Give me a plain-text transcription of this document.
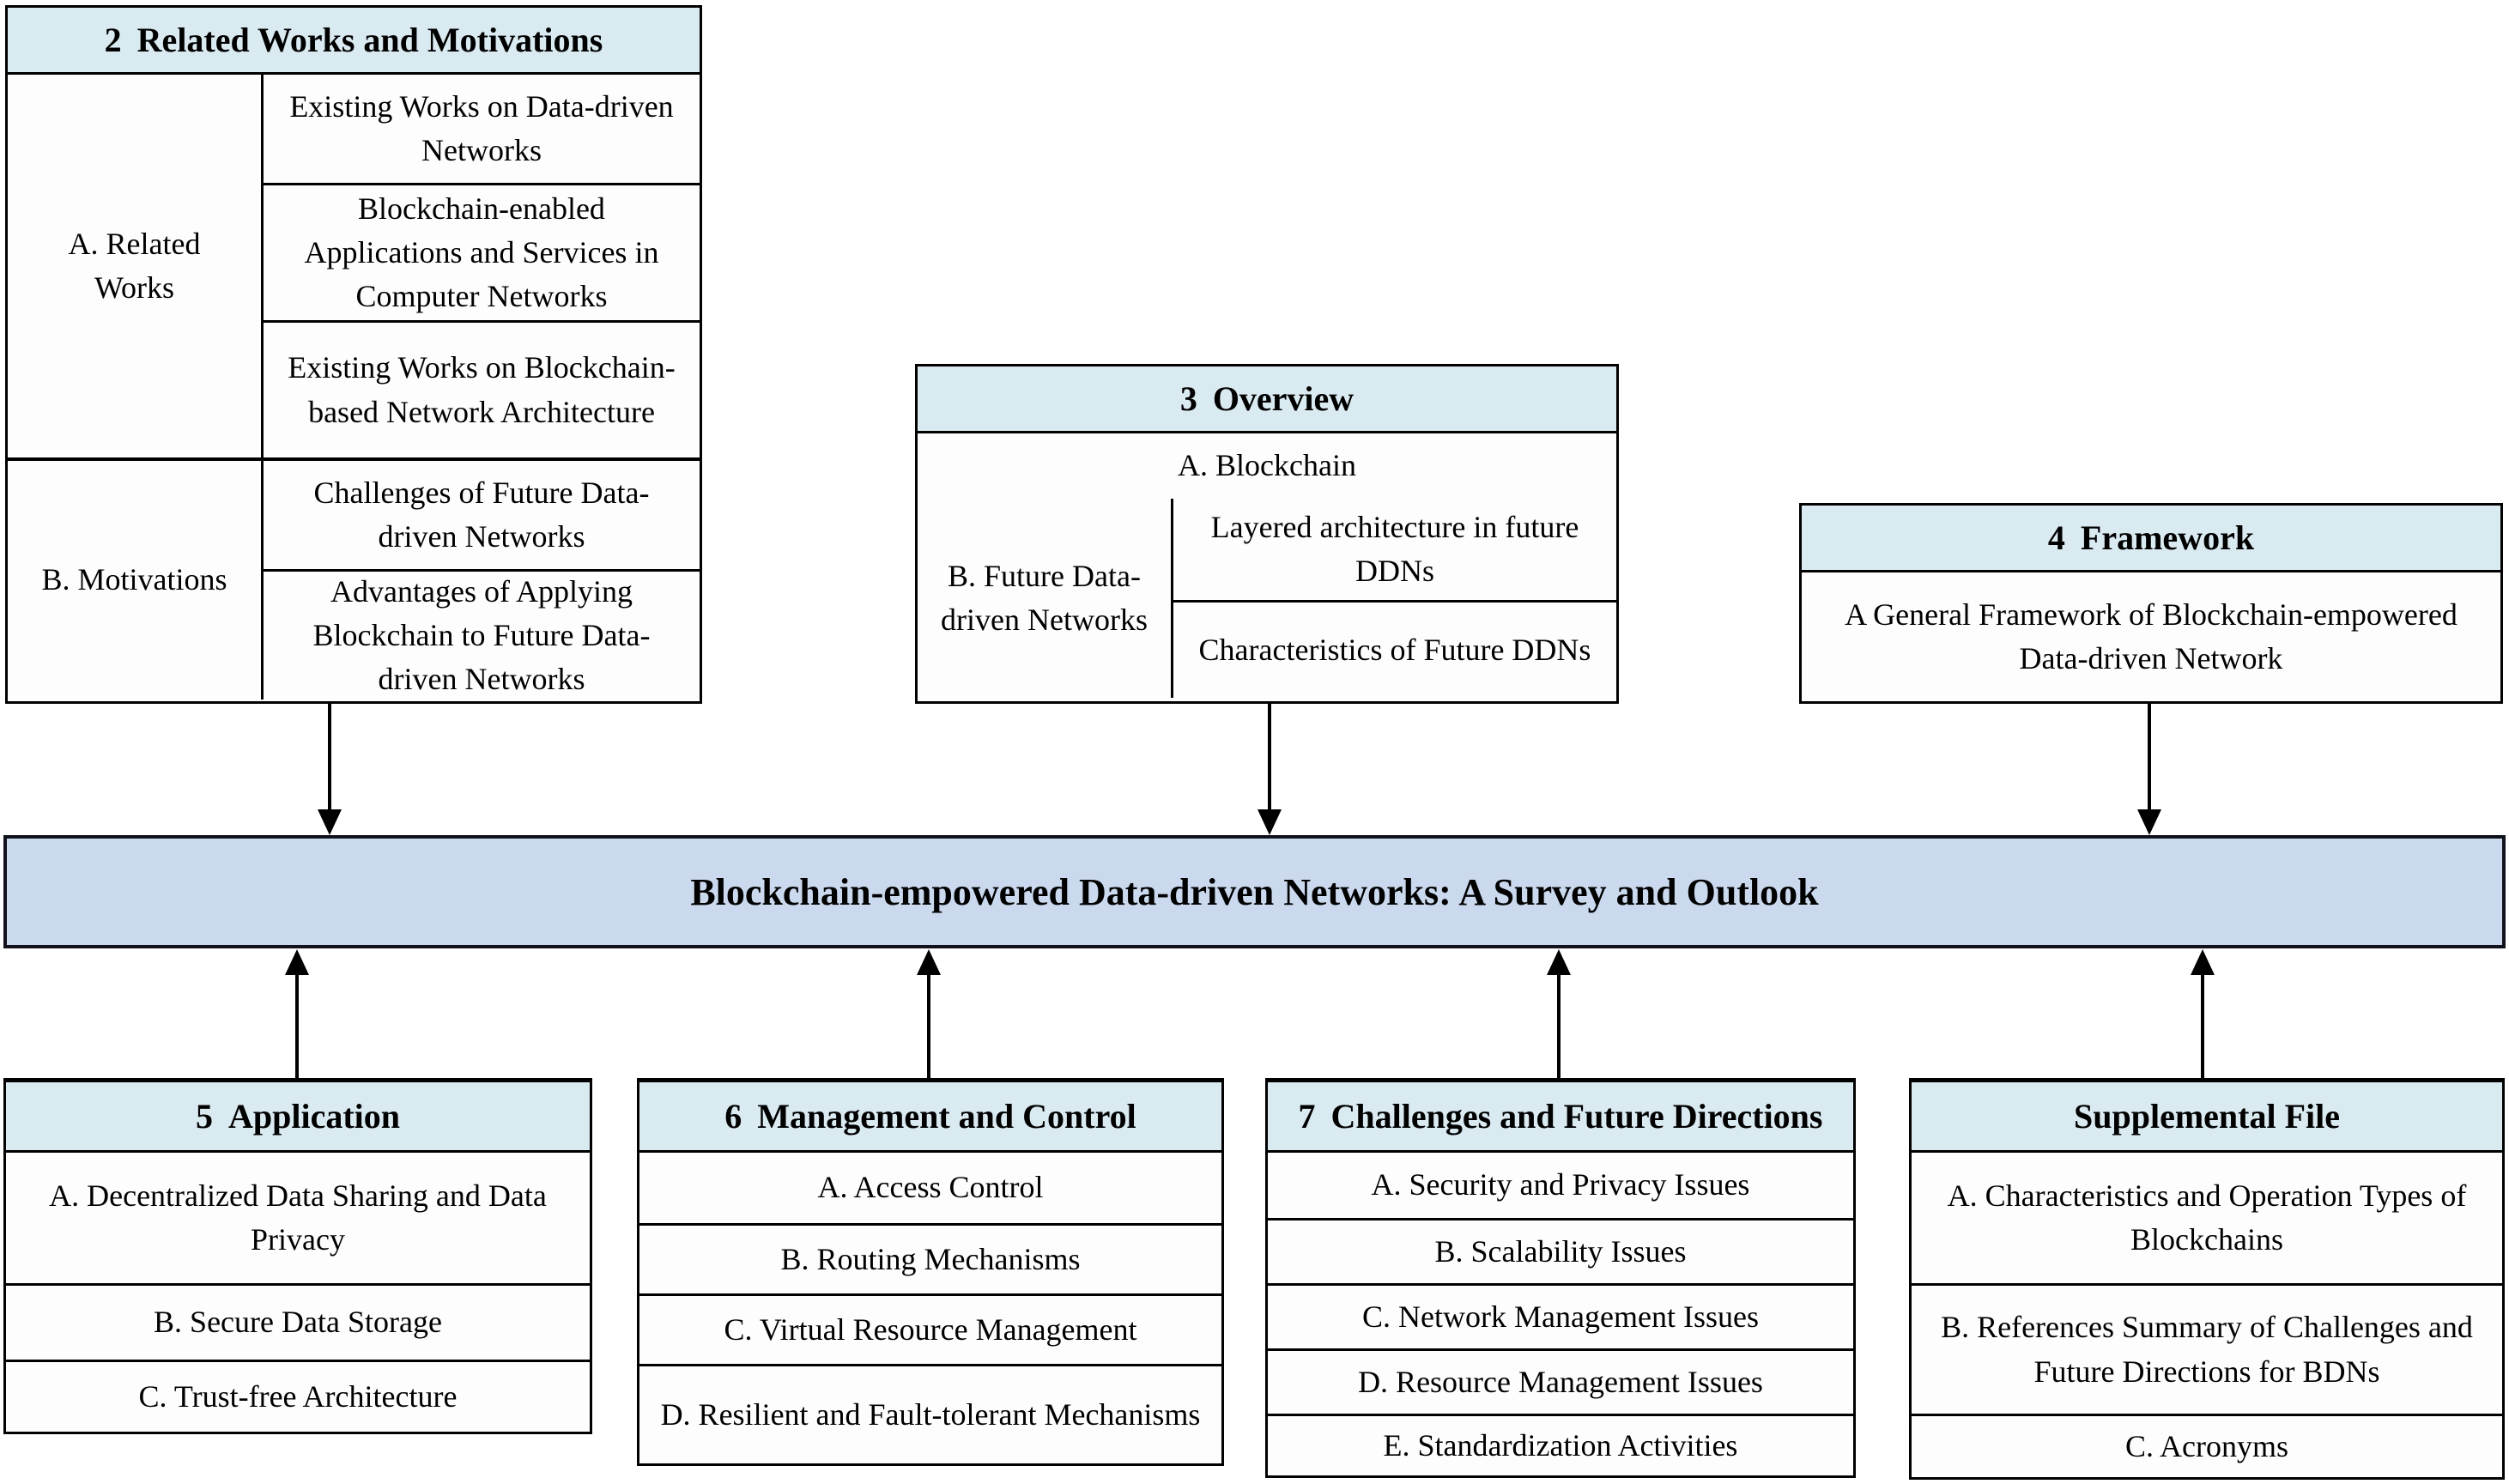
2 Related Works and Motivations
A. Related Works
Existing Works on Data-driven Networks
Blockchain-enabled Applications and Services in Computer Networks
Existing Works on Blockchain-based Network Architecture
B. Motivations
Challenges of Future Data-driven Networks
Advantages of Applying Blockchain to Future Data-driven Networks
3 Overview
A. Blockchain
B. Future Data-driven Networks
Layered architecture in future DDNs
Characteristics of Future DDNs
4 Framework
A General Framework of Blockchain-empowered Data-driven Network
Blockchain-empowered Data-driven Networks: A Survey and Outlook
5 Application
A. Decentralized Data Sharing and Data Privacy
B. Secure Data Storage
C. Trust-free Architecture
6 Management and Control
A. Access Control
B. Routing Mechanisms
C. Virtual Resource Management
D. Resilient and Fault-tolerant Mechanisms
7 Challenges and Future Directions
A. Security and Privacy Issues
B. Scalability Issues
C. Network Management Issues
D. Resource Management Issues
E. Standardization Activities
Supplemental File
A. Characteristics and Operation Types of Blockchains
B. References Summary of Challenges and Future Directions for BDNs
C. Acronyms
